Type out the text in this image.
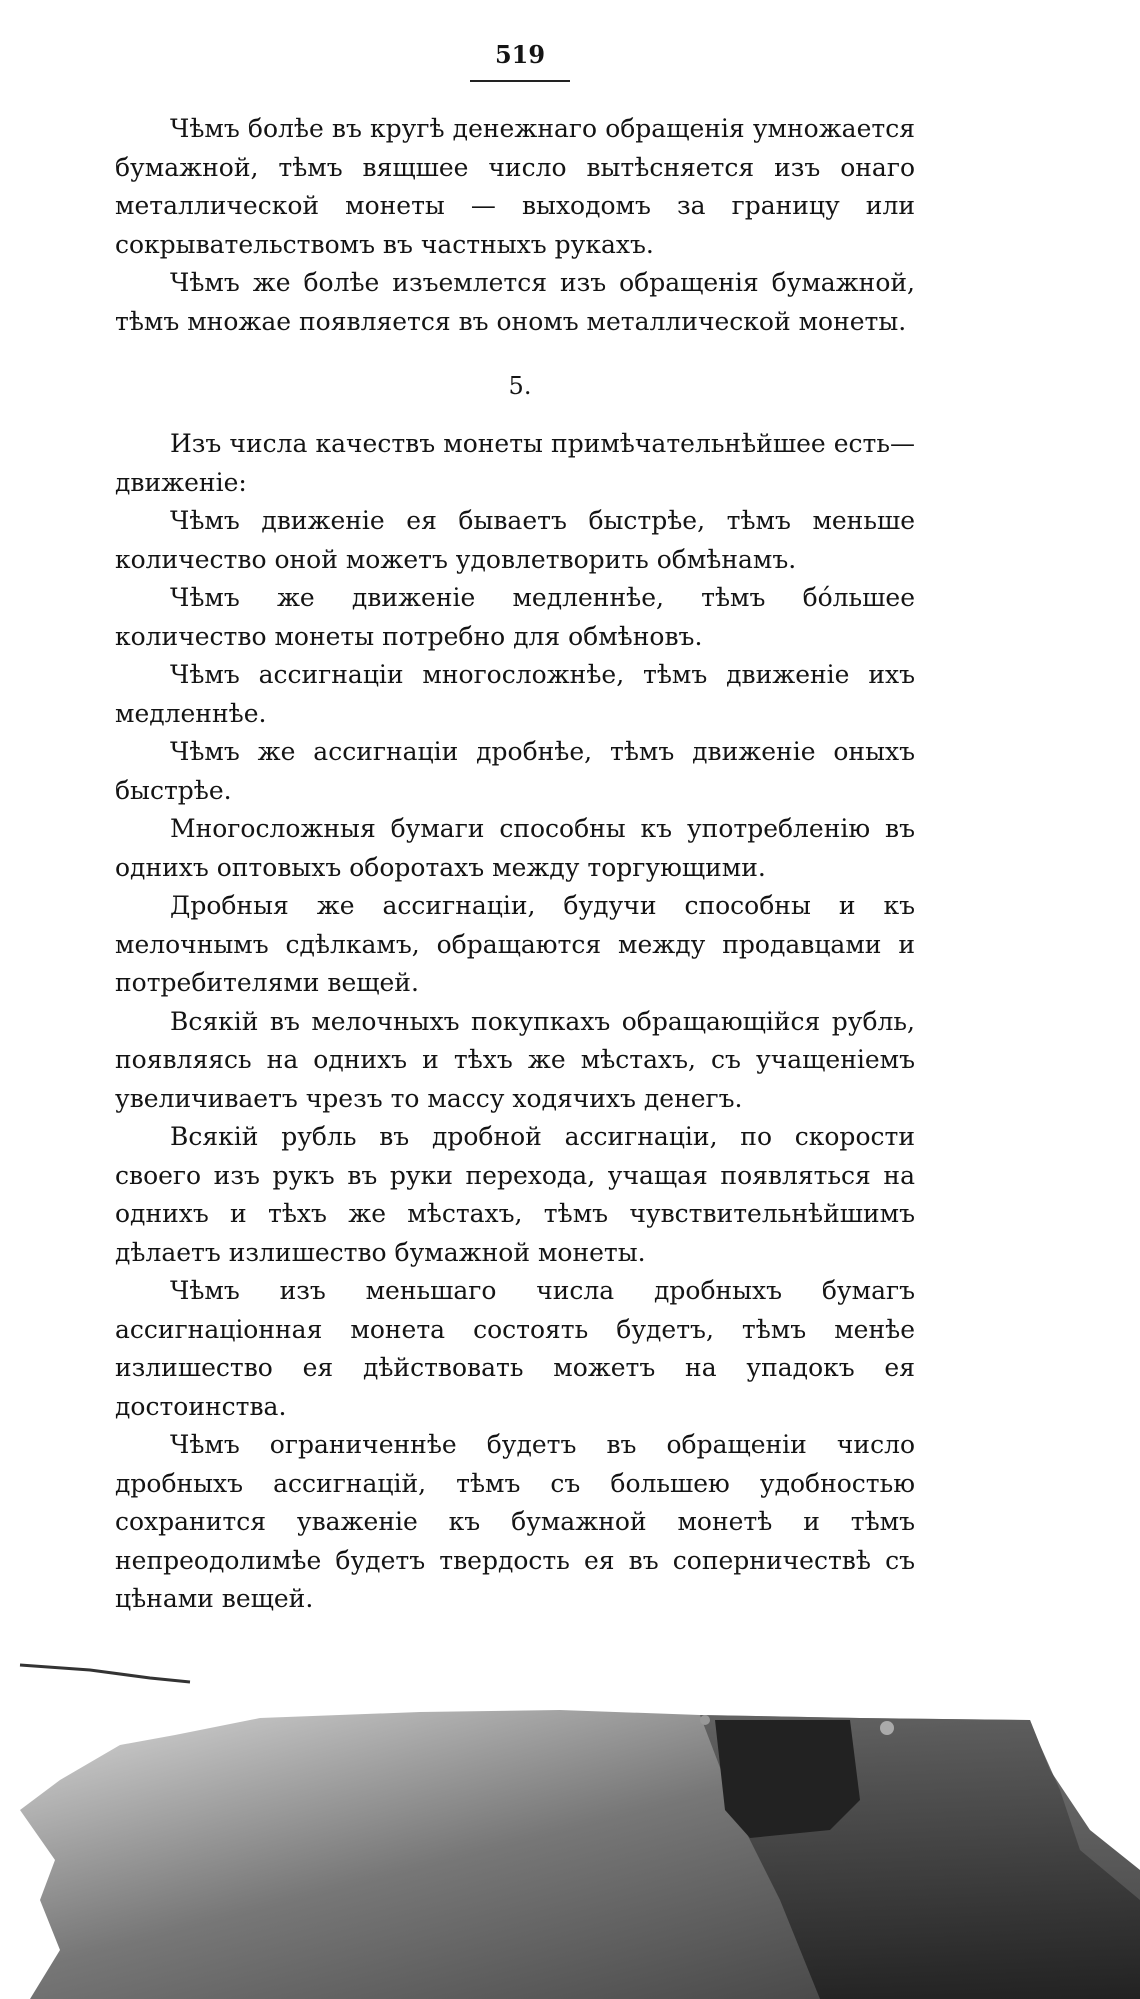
519

Чѣмъ болѣе въ кругѣ денежнаго обращенія умножается бумажной, тѣмъ вящшее число вытѣсняется изъ онаго металлической монеты — выходомъ за границу или сокрывательствомъ въ частныхъ рукахъ.

Чѣмъ же болѣе изъемлется изъ обращенія бумажной, тѣмъ множае появляется въ ономъ металлической монеты.

5.

Изъ числа качествъ монеты примѣчательнѣйшее есть— движеніе:

Чѣмъ движеніе ея бываетъ быстрѣе, тѣмъ меньше количество оной можетъ удовлетворить обмѣнамъ.

Чѣмъ же движеніе медленнѣе, тѣмъ бо́льшее количество монеты потребно для обмѣновъ.

Чѣмъ ассигнаціи многосложнѣе, тѣмъ движеніе ихъ медленнѣе.

Чѣмъ же ассигнаціи дробнѣе, тѣмъ движеніе оныхъ быстрѣе.

Многосложныя бумаги способны къ употребленію въ однихъ оптовыхъ оборотахъ между торгующими.

Дробныя же ассигнаціи, будучи способны и къ мелочнымъ сдѣлкамъ, обращаются между продавцами и потребителями вещей.

Всякій въ мелочныхъ покупкахъ обращающійся рубль, появляясь на однихъ и тѣхъ же мѣстахъ, съ учащеніемъ увеличиваетъ чрезъ то массу ходячихъ денегъ.

Всякій рубль въ дробной ассигнаціи, по скорости своего изъ рукъ въ руки перехода, учащая появляться на однихъ и тѣхъ же мѣстахъ, тѣмъ чувствительнѣйшимъ дѣлаетъ излишество бумажной монеты.

Чѣмъ изъ меньшаго числа дробныхъ бумагъ ассигнаціонная монета состоять будетъ, тѣмъ менѣе излишество ея дѣйствовать можетъ на упадокъ ея достоинства.

Чѣмъ ограниченнѣе будетъ въ обращеніи число дробныхъ ассигнацій, тѣмъ съ большею удобностью сохранится уваженіе къ бумажной монетѣ и тѣмъ непреодолимѣе будетъ твердость ея въ соперничествѣ съ цѣнами вещей.
